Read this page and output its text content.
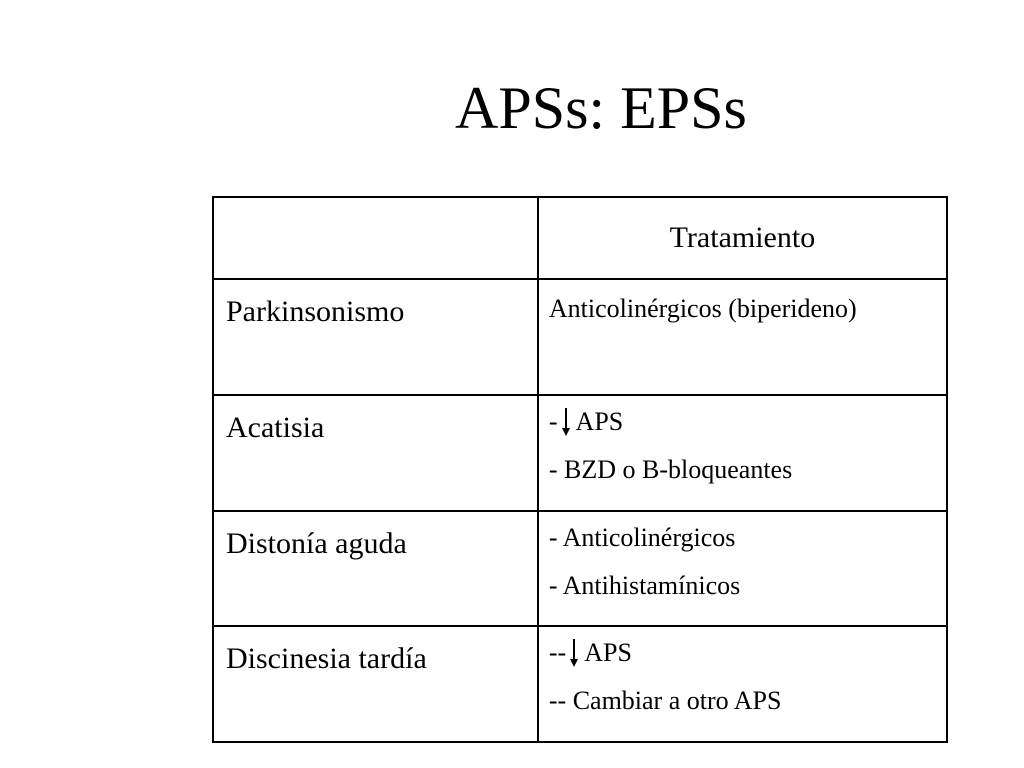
APSs: EPSs
	Tratamiento
Parkinsonismo	Anticolinérgicos (biperideno)

Acatisia	- APS
- BZD o B-bloqueantes

Distonía aguda	- Anticolinérgicos
- Antihistamínicos

Discinesia tardía	-- APS
-- Cambiar a otro APS
